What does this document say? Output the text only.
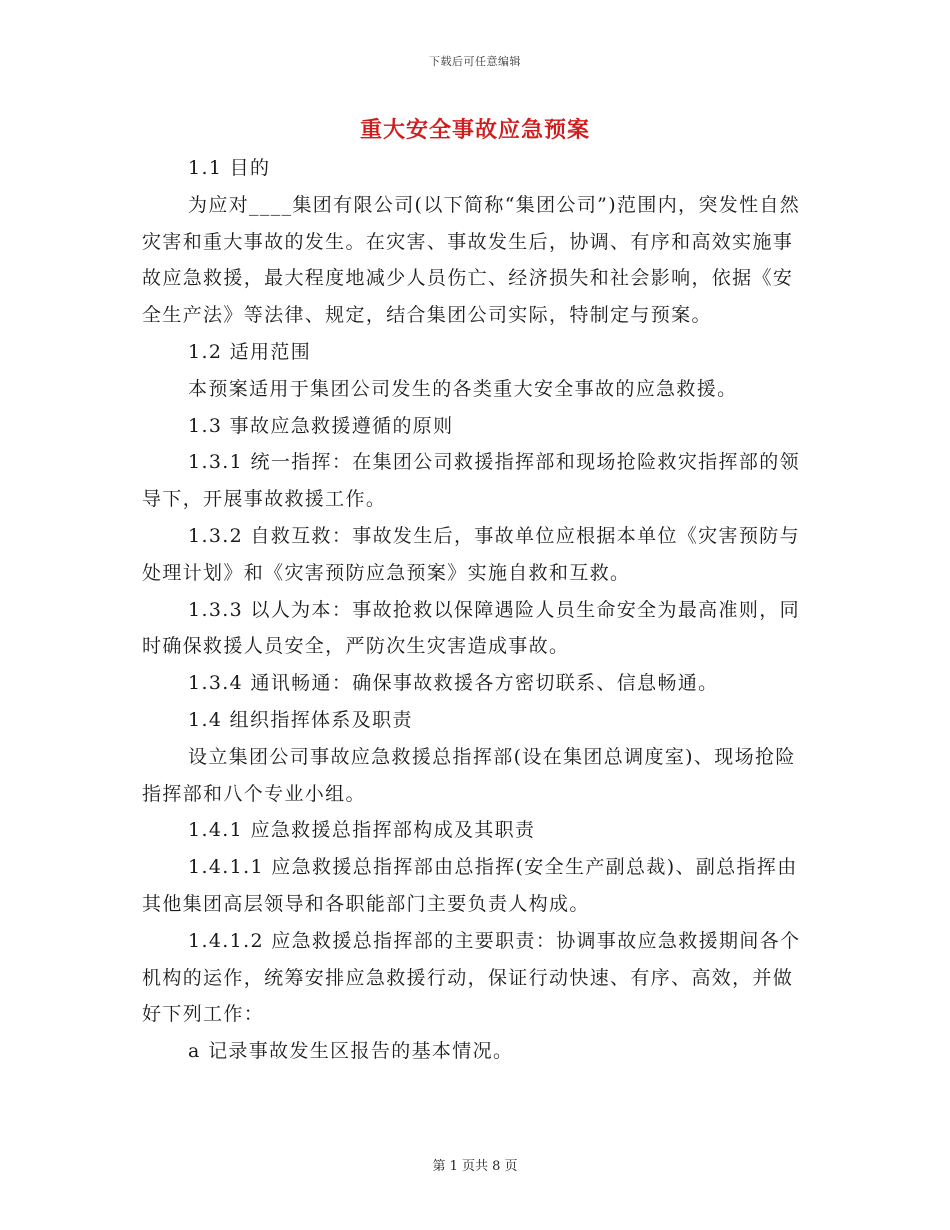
下载后可任意编辑
重大安全事故应急预案

1.1 目的

为应对____集团有限公司(以下简称“集团公司”)范围内，突发性自然灾害和重大事故的发生。在灾害、事故发生后，协调、有序和高效实施事故应急救援，最大程度地减少人员伤亡、经济损失和社会影响，依据《安全生产法》等法律、规定，结合集团公司实际，特制定与预案。

1.2 适用范围

本预案适用于集团公司发生的各类重大安全事故的应急救援。

1.3 事故应急救援遵循的原则

1.3.1 统一指挥：在集团公司救援指挥部和现场抢险救灾指挥部的领导下，开展事故救援工作。

1.3.2 自救互救：事故发生后，事故单位应根据本单位《灾害预防与处理计划》和《灾害预防应急预案》实施自救和互救。

1.3.3 以人为本：事故抢救以保障遇险人员生命安全为最高准则，同时确保救援人员安全，严防次生灾害造成事故。

1.3.4 通讯畅通：确保事故救援各方密切联系、信息畅通。

1.4 组织指挥体系及职责

设立集团公司事故应急救援总指挥部(设在集团总调度室)、现场抢险指挥部和八个专业小组。

1.4.1 应急救援总指挥部构成及其职责

1.4.1.1 应急救援总指挥部由总指挥(安全生产副总裁)、副总指挥由其他集团高层领导和各职能部门主要负责人构成。

1.4.1.2 应急救援总指挥部的主要职责：协调事故应急救援期间各个机构的运作，统筹安排应急救援行动，保证行动快速、有序、高效，并做好下列工作：

a 记录事故发生区报告的基本情况。

第 1 页共 8 页
